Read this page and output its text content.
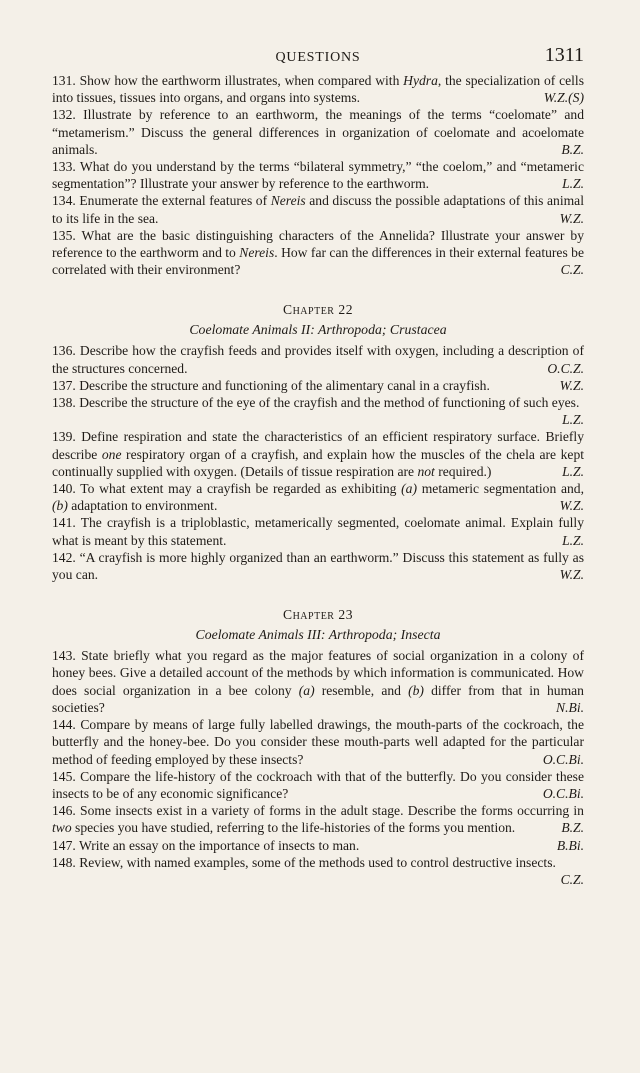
QUESTIONS	1311

131. Show how the earthworm illustrates, when compared with Hydra, the specialization of cells into tissues, tissues into organs, and organs into systems.	W.Z.(S)

132. Illustrate by reference to an earthworm, the meanings of the terms “coelomate” and “metamerism.” Discuss the general differences in organization of coelomate and acoelomate animals.	B.Z.

133. What do you understand by the terms “bilateral symmetry,” “the coelom,” and “metameric segmentation”? Illustrate your answer by reference to the earthworm.	L.Z.

134. Enumerate the external features of Nereis and discuss the possible adaptations of this animal to its life in the sea.	W.Z.

135. What are the basic distinguishing characters of the Annelida? Illustrate your answer by reference to the earthworm and to Nereis. How far can the differences in their external features be correlated with their environment?	C.Z.

Chapter 22
Coelomate Animals II: Arthropoda; Crustacea

136. Describe how the crayfish feeds and provides itself with oxygen, including a description of the structures concerned.	O.C.Z.

137. Describe the structure and functioning of the alimentary canal in a crayfish.	W.Z.

138. Describe the structure of the eye of the crayfish and the method of functioning of such eyes.
L.Z.

139. Define respiration and state the characteristics of an efficient respiratory surface. Briefly describe one respiratory organ of a crayfish, and explain how the muscles of the chela are kept continually supplied with oxygen. (Details of tissue respiration are not required.)	L.Z.

140. To what extent may a crayfish be regarded as exhibiting (a) metameric segmentation and, (b) adaptation to environment.	W.Z.

141. The crayfish is a triploblastic, metamerically segmented, coelomate animal. Explain fully what is meant by this statement.	L.Z.

142. “A crayfish is more highly organized than an earthworm.” Discuss this statement as fully as you can.	W.Z.

Chapter 23
Coelomate Animals III: Arthropoda; Insecta

143. State briefly what you regard as the major features of social organization in a colony of honey bees. Give a detailed account of the methods by which information is communicated. How does social organization in a bee colony (a) resemble, and (b) differ from that in human societies?	N.Bi.

144. Compare by means of large fully labelled drawings, the mouth-parts of the cockroach, the butterfly and the honey-bee. Do you consider these mouth-parts well adapted for the particular method of feeding employed by these insects?	O.C.Bi.

145. Compare the life-history of the cockroach with that of the butterfly. Do you consider these insects to be of any economic significance?	O.C.Bi.

146. Some insects exist in a variety of forms in the adult stage. Describe the forms occurring in two species you have studied, referring to the life-histories of the forms you mention.	B.Z.

147. Write an essay on the importance of insects to man.	B.Bi.

148. Review, with named examples, some of the methods used to control destructive insects.
C.Z.
